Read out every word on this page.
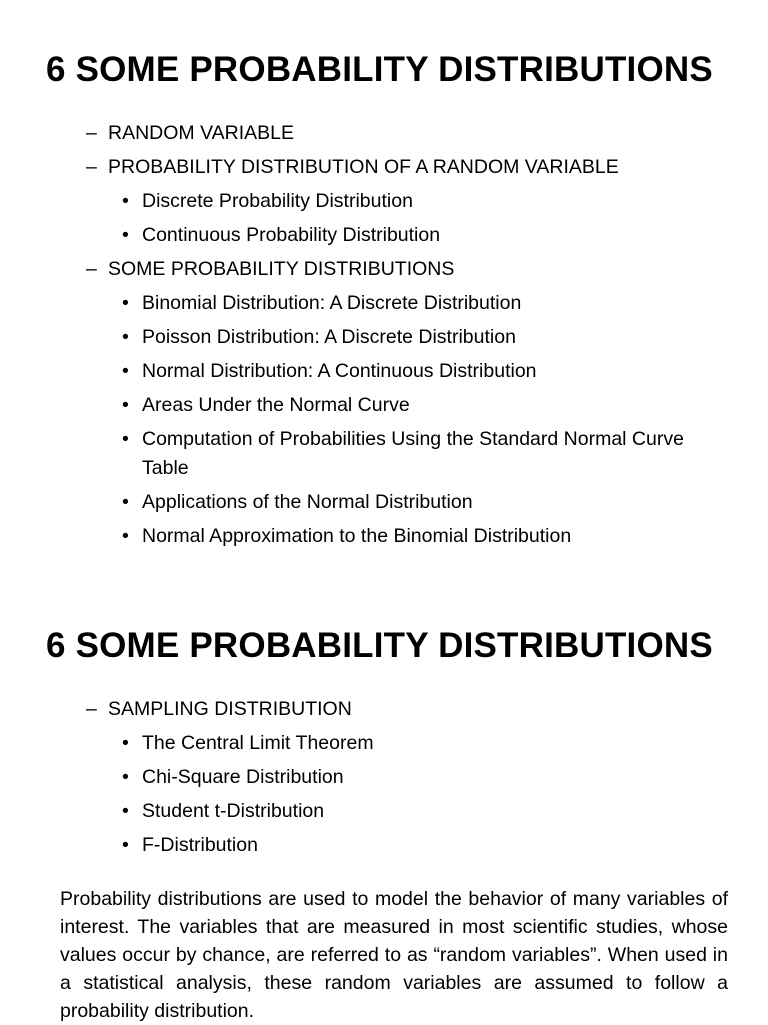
6 SOME PROBABILITY DISTRIBUTIONS
– RANDOM VARIABLE
– PROBABILITY DISTRIBUTION OF A RANDOM VARIABLE
• Discrete Probability Distribution
• Continuous Probability Distribution
– SOME PROBABILITY DISTRIBUTIONS
• Binomial Distribution: A Discrete Distribution
• Poisson Distribution: A Discrete Distribution
• Normal Distribution: A Continuous Distribution
• Areas Under the Normal Curve
• Computation of Probabilities Using the Standard Normal Curve Table
• Applications of the Normal Distribution
• Normal Approximation to the Binomial Distribution
6 SOME PROBABILITY DISTRIBUTIONS
– SAMPLING DISTRIBUTION
• The Central Limit Theorem
• Chi-Square Distribution
• Student t-Distribution
• F-Distribution

Probability distributions are used to model the behavior of many variables of interest. The variables that are measured in most scientific studies, whose values occur by chance, are referred to as “random variables”. When used in a statistical analysis, these random variables are assumed to follow a probability distribution.
